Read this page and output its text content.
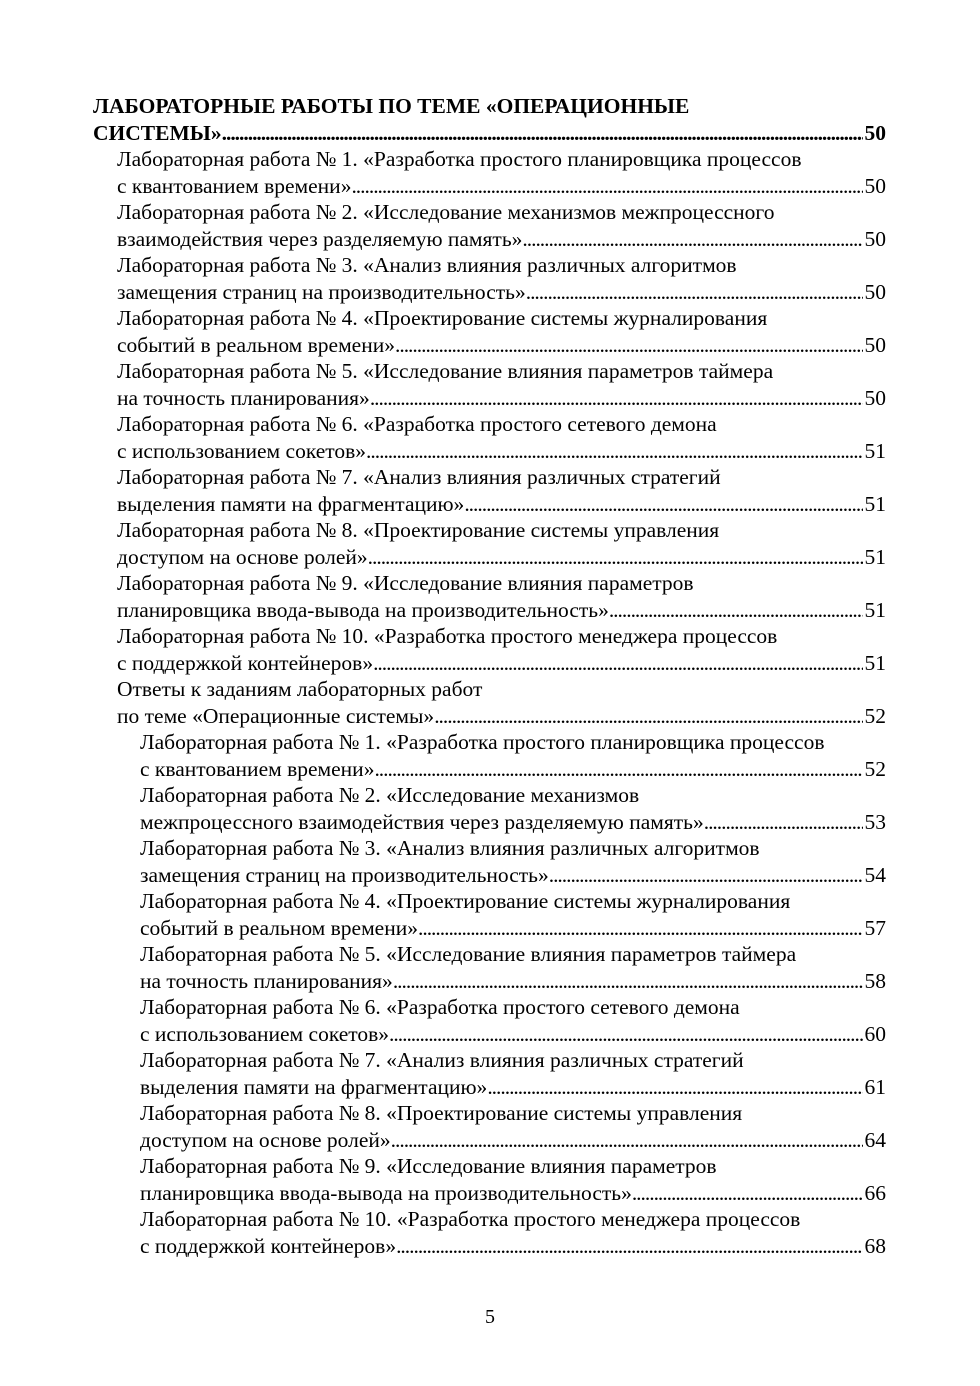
ЛАБОРАТОРНЫЕ РАБОТЫ ПО ТЕМЕ «ОПЕРАЦИОННЫЕ
СИСТЕМЫ» . . .	50
Лабораторная работа № 1. «Разработка простого планировщика процессов
с квантованием времени» . . .	50
Лабораторная работа № 2. «Исследование механизмов межпроцессного
взаимодействия через разделяемую память» . . .	50
Лабораторная работа № 3. «Анализ влияния различных алгоритмов
замещения страниц на производительность» . . .	50
Лабораторная работа № 4. «Проектирование системы журналирования
событий в реальном времени» . . .	50
Лабораторная работа № 5. «Исследование влияния параметров таймера
на точность планирования» . . .	50
Лабораторная работа № 6. «Разработка простого сетевого демона
с использованием сокетов» . . .	51
Лабораторная работа № 7. «Анализ влияния различных стратегий
выделения памяти на фрагментацию» . . .	51
Лабораторная работа № 8. «Проектирование системы управления
доступом на основе ролей» . . .	51
Лабораторная работа № 9. «Исследование влияния параметров
планировщика ввода-вывода на производительность» . . .	51
Лабораторная работа № 10. «Разработка простого менеджера процессов
с поддержкой контейнеров» . . .	51
Ответы к заданиям лабораторных работ
по теме «Операционные системы» . . .	52
Лабораторная работа № 1. «Разработка простого планировщика процессов
с квантованием времени» . . .	52
Лабораторная работа № 2. «Исследование механизмов
межпроцессного взаимодействия через разделяемую память» . . .	53
Лабораторная работа № 3. «Анализ влияния различных алгоритмов
замещения страниц на производительность» . . .	54
Лабораторная работа № 4. «Проектирование системы журналирования
событий в реальном времени» . . .	57
Лабораторная работа № 5. «Исследование влияния параметров таймера
на точность планирования» . . .	58
Лабораторная работа № 6. «Разработка простого сетевого демона
с использованием сокетов» . . .	60
Лабораторная работа № 7. «Анализ влияния различных стратегий
выделения памяти на фрагментацию» . . .	61
Лабораторная работа № 8. «Проектирование системы управления
доступом на основе ролей» . . .	64
Лабораторная работа № 9. «Исследование влияния параметров
планировщика ввода-вывода на производительность» . . .	66
Лабораторная работа № 10. «Разработка простого менеджера процессов
с поддержкой контейнеров» . . .	68
5
